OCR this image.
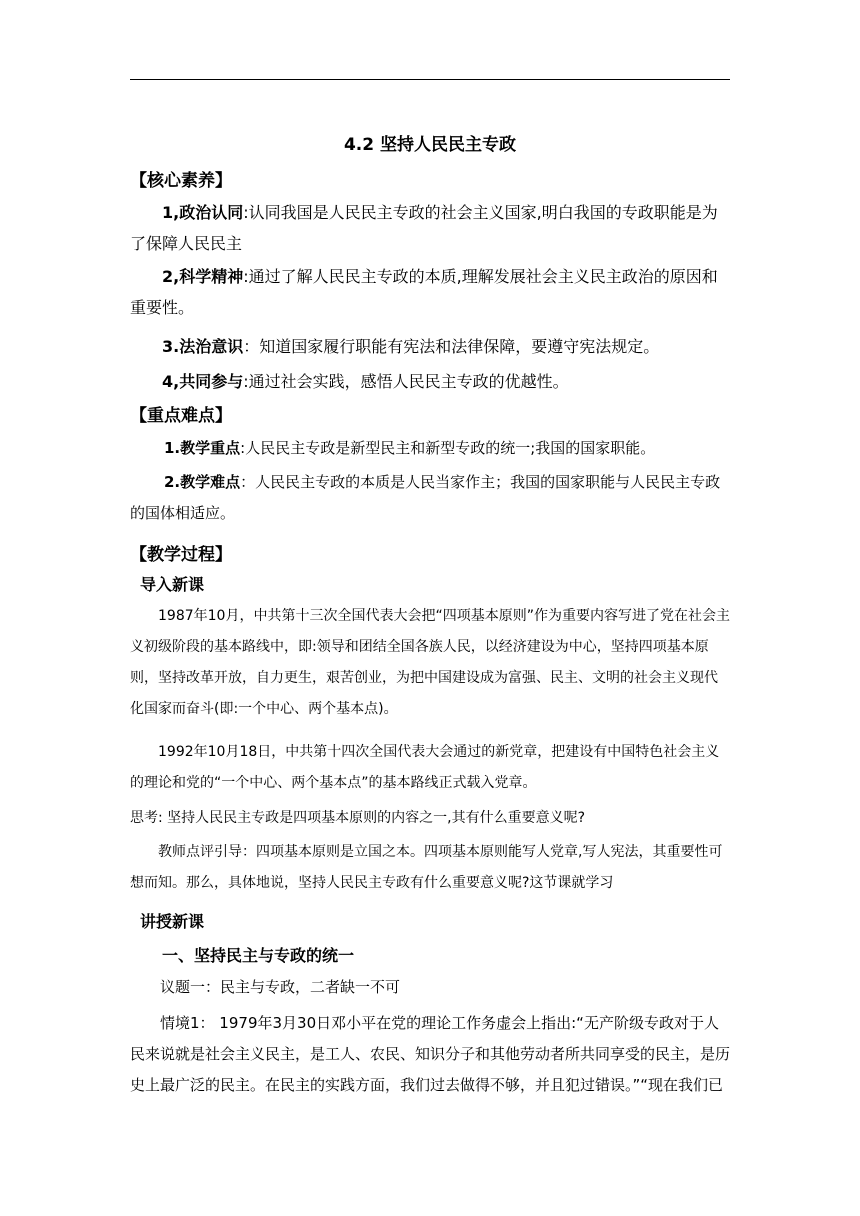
4.2 坚持人民民主专政
【核心素养】

1,政治认同:认同我国是人民民主专政的社会主义国家,明白我国的专政职能是为了保障人民民主

2,科学精神:通过了解人民民主专政的本质,理解发展社会主义民主政治的原因和重要性。

3.法治意识：知道国家履行职能有宪法和法律保障，要遵守宪法规定。

4,共同参与:通过社会实践，感悟人民民主专政的优越性。

【重点难点】

1.教学重点:人民民主专政是新型民主和新型专政的统一;我国的国家职能。

2.教学难点：人民民主专政的本质是人民当家作主；我国的国家职能与人民民主专政的国体相适应。

【教学过程】
导入新课

1987年10月，中共第十三次全国代表大会把“四项基本原则”作为重要内容写进了党在社会主义初级阶段的基本路线中，即:领导和团结全国各族人民，以经济建设为中心，坚持四项基本原则，坚持改革开放，自力更生，艰苦创业，为把中国建设成为富强、民主、文明的社会主义现代化国家而奋斗(即:一个中心、两个基本点)。

1992年10月18日，中共第十四次全国代表大会通过的新党章，把建设有中国特色社会主义的理论和党的“一个中心、两个基本点”的基本路线正式载入党章。

思考: 坚持人民民主专政是四项基本原则的内容之一,其有什么重要意义呢?

教师点评引导：四项基本原则是立国之本。四项基本原则能写人党章,写人宪法，其重要性可想而知。那么，具体地说，坚持人民民主专政有什么重要意义呢?这节课就学习

讲授新课
一、坚持民主与专政的统一

议题一：民主与专政，二者缺一不可

情境1： 1979年3月30日邓小平在党的理论工作务虚会上指出:“无产阶级专政对于人民来说就是社会主义民主，是工人、农民、知识分子和其他劳动者所共同享受的民主，是历史上最广泛的民主。在民主的实践方面，我们过去做得不够，并且犯过错误。”“现在我们已
